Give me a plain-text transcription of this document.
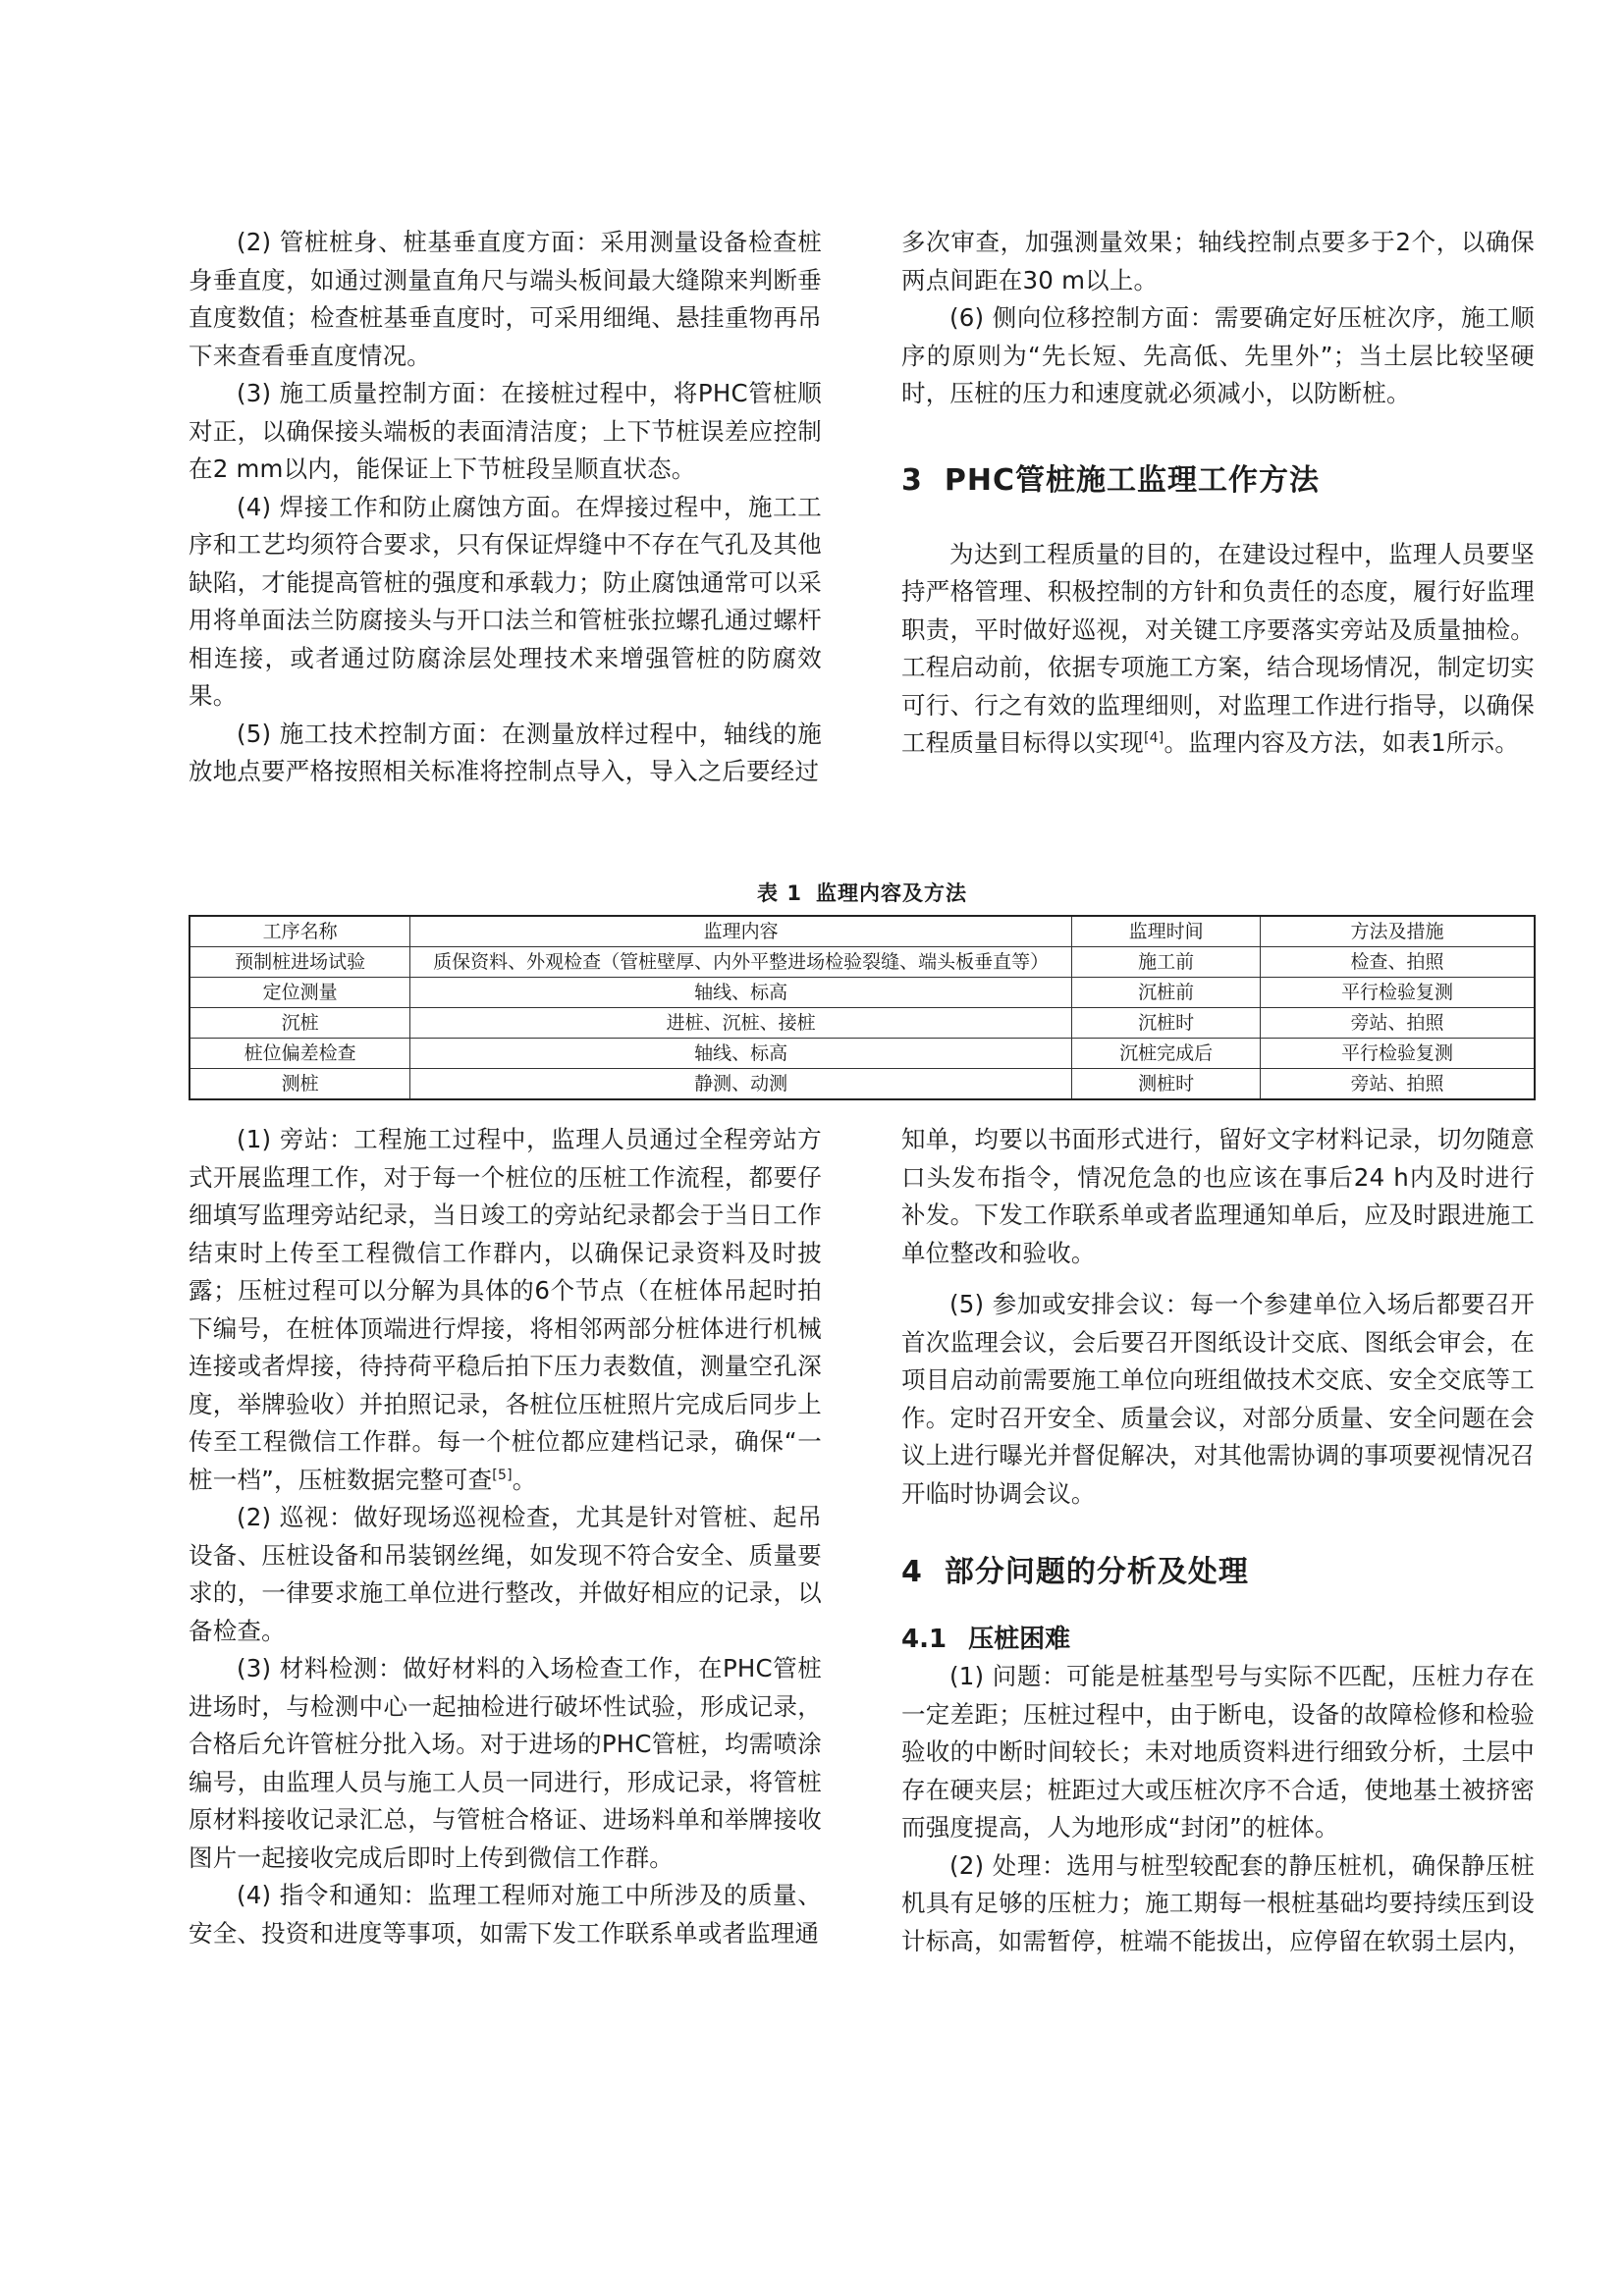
(2) 管桩桩身、桩基垂直度方面：采用测量设备检查桩身垂直度，如通过测量直角尺与端头板间最大缝隙来判断垂直度数值；检查桩基垂直度时，可采用细绳、悬挂重物再吊下来查看垂直度情况。

(3) 施工质量控制方面：在接桩过程中，将PHC管桩顺对正，以确保接头端板的表面清洁度；上下节桩误差应控制在2 mm以内，能保证上下节桩段呈顺直状态。

(4) 焊接工作和防止腐蚀方面。在焊接过程中，施工工序和工艺均须符合要求，只有保证焊缝中不存在气孔及其他缺陷，才能提高管桩的强度和承载力；防止腐蚀通常可以采用将单面法兰防腐接头与开口法兰和管桩张拉螺孔通过螺杆相连接，或者通过防腐涂层处理技术来增强管桩的防腐效果。

(5) 施工技术控制方面：在测量放样过程中，轴线的施放地点要严格按照相关标准将控制点导入，导入之后要经过

多次审查，加强测量效果；轴线控制点要多于2个，以确保两点间距在30 m以上。

(6) 侧向位移控制方面：需要确定好压桩次序，施工顺序的原则为“先长短、先高低、先里外”；当土层比较坚硬时，压桩的压力和速度就必须减小，以防断桩。

3 PHC管桩施工监理工作方法

为达到工程质量的目的，在建设过程中，监理人员要坚持严格管理、积极控制的方针和负责任的态度，履行好监理职责，平时做好巡视，对关键工序要落实旁站及质量抽检。工程启动前，依据专项施工方案，结合现场情况，制定切实可行、行之有效的监理细则，对监理工作进行指导，以确保工程质量目标得以实现[4]。监理内容及方法，如表1所示。

表 1 监理内容及方法
工序名称	监理内容	监理时间	方法及措施
预制桩进场试验	质保资料、外观检查（管桩壁厚、内外平整进场检验裂缝、端头板垂直等）	施工前	检查、拍照
定位测量	轴线、标高	沉桩前	平行检验复测
沉桩	进桩、沉桩、接桩	沉桩时	旁站、拍照
桩位偏差检查	轴线、标高	沉桩完成后	平行检验复测
测桩	静测、动测	测桩时	旁站、拍照

(1) 旁站：工程施工过程中，监理人员通过全程旁站方式开展监理工作，对于每一个桩位的压桩工作流程，都要仔细填写监理旁站纪录，当日竣工的旁站纪录都会于当日工作结束时上传至工程微信工作群内，以确保记录资料及时披露；压桩过程可以分解为具体的6个节点（在桩体吊起时拍下编号，在桩体顶端进行焊接，将相邻两部分桩体进行机械连接或者焊接，待持荷平稳后拍下压力表数值，测量空孔深度，举牌验收）并拍照记录，各桩位压桩照片完成后同步上传至工程微信工作群。每一个桩位都应建档记录，确保“一桩一档”，压桩数据完整可查[5]。

(2) 巡视：做好现场巡视检查，尤其是针对管桩、起吊设备、压桩设备和吊装钢丝绳，如发现不符合安全、质量要求的，一律要求施工单位进行整改，并做好相应的记录，以备检查。

(3) 材料检测：做好材料的入场检查工作，在PHC管桩进场时，与检测中心一起抽检进行破坏性试验，形成记录，合格后允许管桩分批入场。对于进场的PHC管桩，均需喷涂编号，由监理人员与施工人员一同进行，形成记录，将管桩原材料接收记录汇总，与管桩合格证、进场料单和举牌接收图片一起接收完成后即时上传到微信工作群。

(4) 指令和通知：监理工程师对施工中所涉及的质量、安全、投资和进度等事项，如需下发工作联系单或者监理通

知单，均要以书面形式进行，留好文字材料记录，切勿随意口头发布指令，情况危急的也应该在事后24 h内及时进行补发。下发工作联系单或者监理通知单后，应及时跟进施工单位整改和验收。

(5) 参加或安排会议：每一个参建单位入场后都要召开首次监理会议，会后要召开图纸设计交底、图纸会审会，在项目启动前需要施工单位向班组做技术交底、安全交底等工作。定时召开安全、质量会议，对部分质量、安全问题在会议上进行曝光并督促解决，对其他需协调的事项要视情况召开临时协调会议。

4 部分问题的分析及处理
4.1 压桩困难

(1) 问题：可能是桩基型号与实际不匹配，压桩力存在一定差距；压桩过程中，由于断电，设备的故障检修和检验验收的中断时间较长；未对地质资料进行细致分析，土层中存在硬夹层；桩距过大或压桩次序不合适，使地基土被挤密而强度提高，人为地形成“封闭”的桩体。

(2) 处理：选用与桩型较配套的静压桩机，确保静压桩机具有足够的压桩力；施工期每一根桩基础均要持续压到设计标高，如需暂停，桩端不能拔出，应停留在软弱土层内，
